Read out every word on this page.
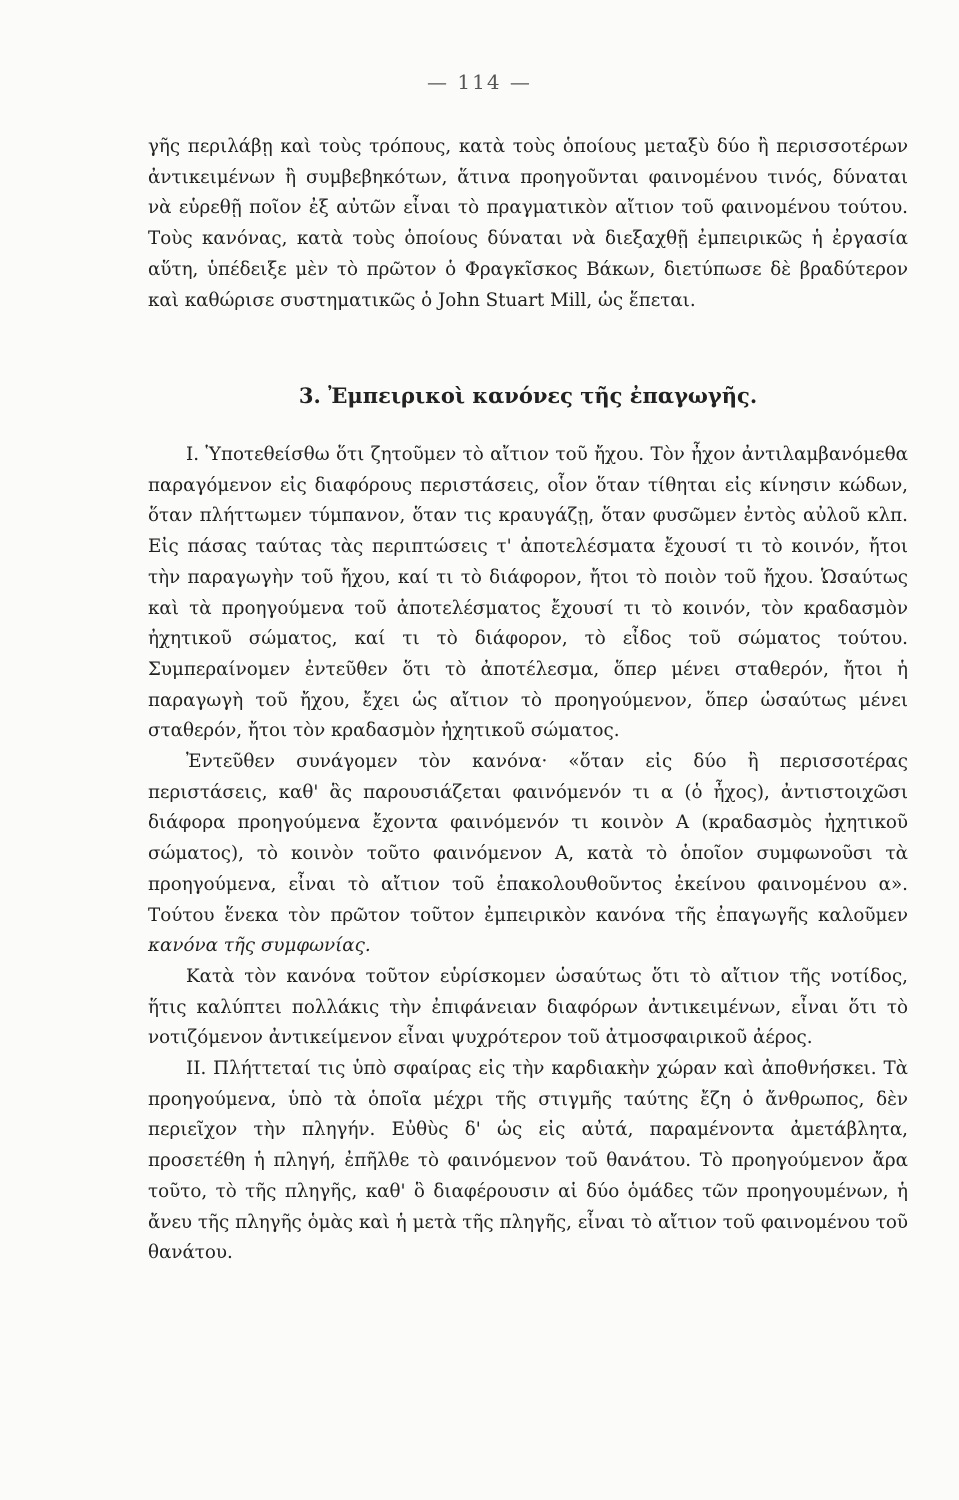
— 114 —

γῆς περιλάβῃ καὶ τοὺς τρόπους, κατὰ τοὺς ὁποίους μεταξὺ δύο ἢ περισσοτέρων ἀντικειμένων ἢ συμβεβηκότων, ἅτινα προηγοῦνται φαινομένου τινός, δύναται νὰ εὑρεθῇ ποῖον ἐξ αὐτῶν εἶναι τὸ πραγματικὸν αἴτιον τοῦ φαινομένου τούτου. Τοὺς κανόνας, κατὰ τοὺς ὁποίους δύναται νὰ διεξαχθῇ ἐμπειρικῶς ἡ ἐργασία αὕτη, ὑπέδειξε μὲν τὸ πρῶτον ὁ Φραγκῖσκος Βάκων, διετύπωσε δὲ βραδύτερον καὶ καθώρισε συστηματικῶς ὁ John Stuart Mill, ὡς ἕπεται.

3. Ἐμπειρικοὶ κανόνες τῆς ἐπαγωγῆς.

I. Ὑποτεθείσθω ὅτι ζητοῦμεν τὸ αἴτιον τοῦ ἤχου. Τὸν ἦχον ἀντιλαμβανόμεθα παραγόμενον εἰς διαφόρους περιστάσεις, οἷον ὅταν τίθηται εἰς κίνησιν κώδων, ὅταν πλήττωμεν τύμπανον, ὅταν τις κραυγάζῃ, ὅταν φυσῶμεν ἐντὸς αὐλοῦ κλπ. Εἰς πάσας ταύτας τὰς περιπτώσεις τ' ἀποτελέσματα ἔχουσί τι τὸ κοινόν, ἤτοι τὴν παραγωγὴν τοῦ ἤχου, καί τι τὸ διάφορον, ἤτοι τὸ ποιὸν τοῦ ἤχου. Ὡσαύτως καὶ τὰ προηγούμενα τοῦ ἀποτελέσματος ἔχουσί τι τὸ κοινόν, τὸν κραδασμὸν ἠχητικοῦ σώματος, καί τι τὸ διάφορον, τὸ εἶδος τοῦ σώματος τούτου. Συμπεραίνομεν ἐντεῦθεν ὅτι τὸ ἀποτέλεσμα, ὅπερ μένει σταθερόν, ἤτοι ἡ παραγωγὴ τοῦ ἤχου, ἔχει ὡς αἴτιον τὸ προηγούμενον, ὅπερ ὡσαύτως μένει σταθερόν, ἤτοι τὸν κραδασμὸν ἠχητικοῦ σώματος.

Ἐντεῦθεν συνάγομεν τὸν κανόνα· «ὅταν εἰς δύο ἢ περισσοτέρας περιστάσεις, καθ' ἃς παρουσιάζεται φαινόμενόν τι α (ὁ ἦχος), ἀντιστοιχῶσι διάφορα προηγούμενα ἔχοντα φαινόμενόν τι κοινὸν Α (κραδασμὸς ἠχητικοῦ σώματος), τὸ κοινὸν τοῦτο φαινόμενον Α, κατὰ τὸ ὁποῖον συμφωνοῦσι τὰ προηγούμενα, εἶναι τὸ αἴτιον τοῦ ἐπακολουθοῦντος ἐκείνου φαινομένου α». Τούτου ἕνεκα τὸν πρῶτον τοῦτον ἐμπειρικὸν κανόνα τῆς ἐπαγωγῆς καλοῦμεν κανόνα τῆς συμφωνίας.

Κατὰ τὸν κανόνα τοῦτον εὑρίσκομεν ὡσαύτως ὅτι τὸ αἴτιον τῆς νοτίδος, ἥτις καλύπτει πολλάκις τὴν ἐπιφάνειαν διαφόρων ἀντικειμένων, εἶναι ὅτι τὸ νοτιζόμενον ἀντικείμενον εἶναι ψυχρότερον τοῦ ἀτμοσφαιρικοῦ ἀέρος.

II. Πλήττεταί τις ὑπὸ σφαίρας εἰς τὴν καρδιακὴν χώραν καὶ ἀποθνήσκει. Τὰ προηγούμενα, ὑπὸ τὰ ὁποῖα μέχρι τῆς στιγμῆς ταύτης ἔζη ὁ ἄνθρωπος, δὲν περιεῖχον τὴν πληγήν. Εὐθὺς δ' ὡς εἰς αὐτά, παραμένοντα ἀμετάβλητα, προσετέθη ἡ πληγή, ἐπῆλθε τὸ φαινόμενον τοῦ θανάτου. Τὸ προηγούμενον ἄρα τοῦτο, τὸ τῆς πληγῆς, καθ' ὃ διαφέρουσιν αἱ δύο ὁμάδες τῶν προηγουμένων, ἡ ἄνευ τῆς πληγῆς ὁμὰς καὶ ἡ μετὰ τῆς πληγῆς, εἶναι τὸ αἴτιον τοῦ φαινομένου τοῦ θανάτου.
